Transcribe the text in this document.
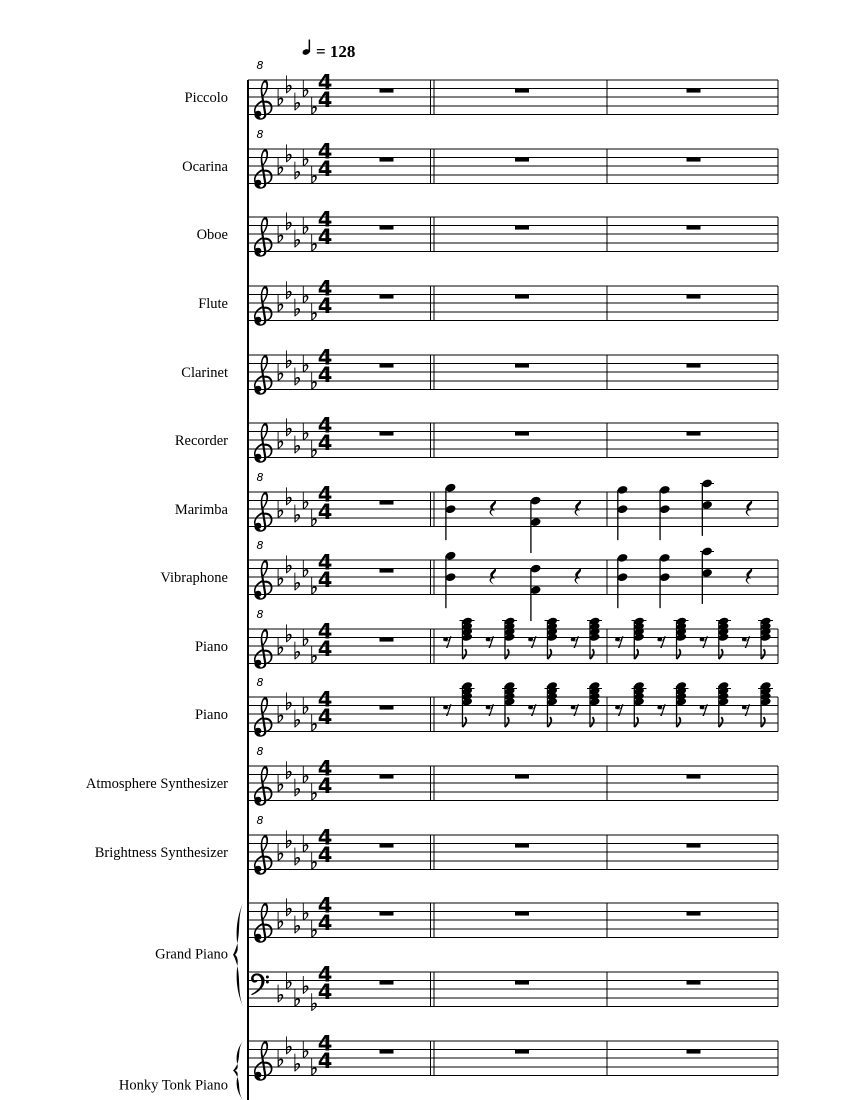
8
4
4
8
4
4
4
4
4
4
4
4
4
4
8
4
4
8
4
4
8
4
4
8
4
4
8
4
4
8
4
4
4
4
4
4
4
4
Piccolo
Ocarina
Oboe
Flute
Clarinet
Recorder
Marimba
Vibraphone
Piano
Piano
Atmosphere Synthesizer
Brightness Synthesizer
Grand Piano
Honky Tonk Piano
= 128
